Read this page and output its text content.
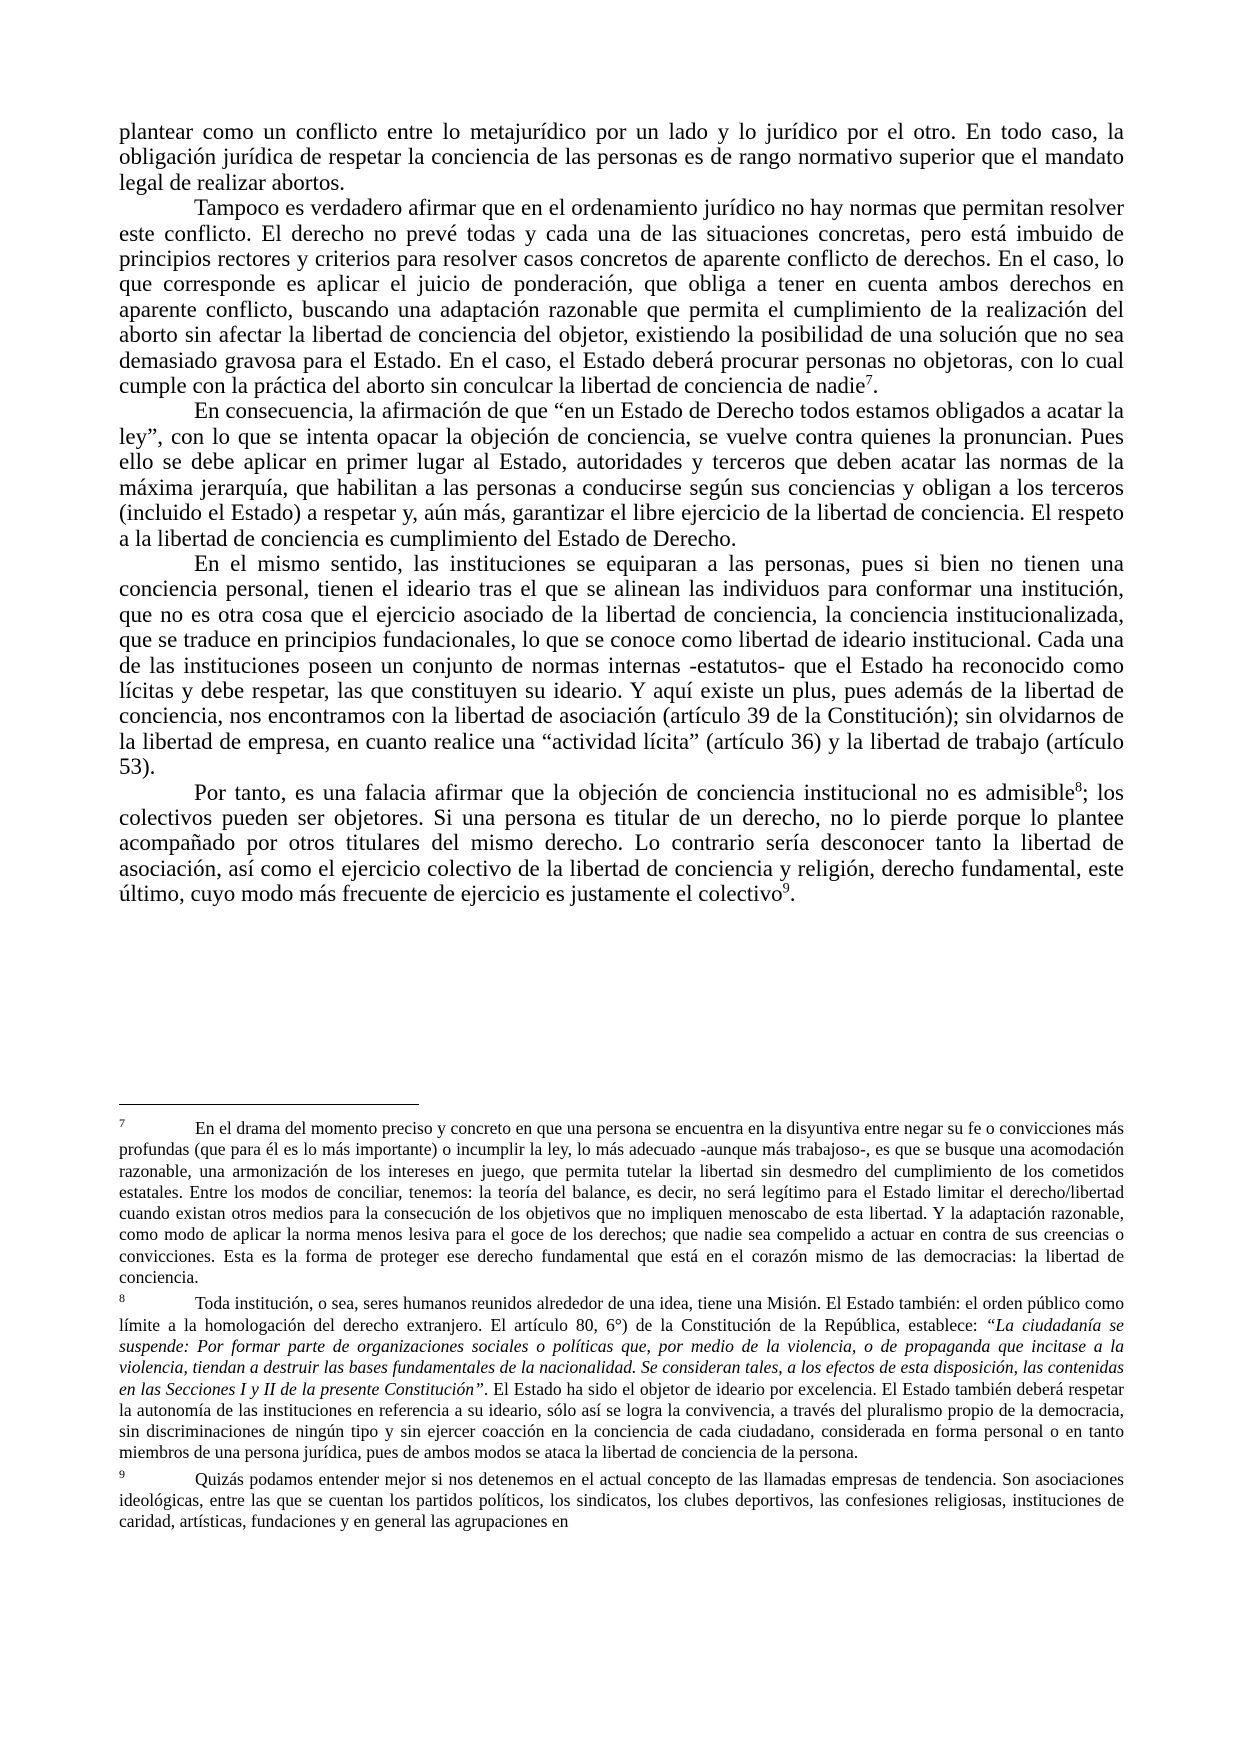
plantear como un conflicto entre lo metajurídico por un lado y lo jurídico por el otro. En todo caso, la obligación jurídica de respetar la conciencia de las personas es de rango normativo superior que el mandato legal de realizar abortos.

Tampoco es verdadero afirmar que en el ordenamiento jurídico no hay normas que permitan resolver este conflicto. El derecho no prevé todas y cada una de las situaciones concretas, pero está imbuido de principios rectores y criterios para resolver casos concretos de aparente conflicto de derechos. En el caso, lo que corresponde es aplicar el juicio de ponderación, que obliga a tener en cuenta ambos derechos en aparente conflicto, buscando una adaptación razonable que permita el cumplimiento de la realización del aborto sin afectar la libertad de conciencia del objetor, existiendo la posibilidad de una solución que no sea demasiado gravosa para el Estado. En el caso, el Estado deberá procurar personas no objetoras, con lo cual cumple con la práctica del aborto sin conculcar la libertad de conciencia de nadie$^7$.

En consecuencia, la afirmación de que “en un Estado de Derecho todos estamos obligados a acatar la ley”, con lo que se intenta opacar la objeción de conciencia, se vuelve contra quienes la pronuncian. Pues ello se debe aplicar en primer lugar al Estado, autoridades y terceros que deben acatar las normas de la máxima jerarquía, que habilitan a las personas a conducirse según sus conciencias y obligan a los terceros (incluido el Estado) a respetar y, aún más, garantizar el libre ejercicio de la libertad de conciencia. El respeto a la libertad de conciencia es cumplimiento del Estado de Derecho.

En el mismo sentido, las instituciones se equiparan a las personas, pues si bien no tienen una conciencia personal, tienen el ideario tras el que se alinean las individuos para conformar una institución, que no es otra cosa que el ejercicio asociado de la libertad de conciencia, la conciencia institucionalizada, que se traduce en principios fundacionales, lo que se conoce como libertad de ideario institucional. Cada una de las instituciones poseen un conjunto de normas internas -estatutos- que el Estado ha reconocido como lícitas y debe respetar, las que constituyen su ideario. Y aquí existe un plus, pues además de la libertad de conciencia, nos encontramos con la libertad de asociación (artículo 39 de la Constitución); sin olvidarnos de la libertad de empresa, en cuanto realice una “actividad lícita” (artículo 36) y la libertad de trabajo (artículo 53).

Por tanto, es una falacia afirmar que la objeción de conciencia institucional no es admisible$^8$; los colectivos pueden ser objetores. Si una persona es titular de un derecho, no lo pierde porque lo plantee acompañado por otros titulares del mismo derecho. Lo contrario sería desconocer tanto la libertad de asociación, así como el ejercicio colectivo de la libertad de conciencia y religión, derecho fundamental, este último, cuyo modo más frecuente de ejercicio es justamente el colectivo$^9$.

7	En el drama del momento preciso y concreto en que una persona se encuentra en la disyuntiva entre negar su fe o convicciones más profundas (que para él es lo más importante) o incumplir la ley, lo más adecuado -aunque más trabajoso-, es que se busque una acomodación razonable, una armonización de los intereses en juego, que permita tutelar la libertad sin desmedro del cumplimiento de los cometidos estatales. Entre los modos de conciliar, tenemos: la teoría del balance, es decir, no será legítimo para el Estado limitar el derecho/libertad cuando existan otros medios para la consecución de los objetivos que no impliquen menoscabo de esta libertad. Y la adaptación razonable, como modo de aplicar la norma menos lesiva para el goce de los derechos; que nadie sea compelido a actuar en contra de sus creencias o convicciones. Esta es la forma de proteger ese derecho fundamental que está en el corazón mismo de las democracias: la libertad de conciencia.

8	Toda institución, o sea, seres humanos reunidos alrededor de una idea, tiene una Misión. El Estado también: el orden público como límite a la homologación del derecho extranjero. El artículo 80, 6°) de la Constitución de la República, establece: “La ciudadanía se suspende: Por formar parte de organizaciones sociales o políticas que, por medio de la violencia, o de propaganda que incitase a la violencia, tiendan a destruir las bases fundamentales de la nacionalidad. Se consideran tales, a los efectos de esta disposición, las contenidas en las Secciones I y II de la presente Constitución”. El Estado ha sido el objetor de ideario por excelencia. El Estado también deberá respetar la autonomía de las instituciones en referencia a su ideario, sólo así se logra la convivencia, a través del pluralismo propio de la democracia, sin discriminaciones de ningún tipo y sin ejercer coacción en la conciencia de cada ciudadano, considerada en forma personal o en tanto miembros de una persona jurídica, pues de ambos modos se ataca la libertad de conciencia de la persona.

9	Quizás podamos entender mejor si nos detenemos en el actual concepto de las llamadas empresas de tendencia. Son asociaciones ideológicas, entre las que se cuentan los partidos políticos, los sindicatos, los clubes deportivos, las confesiones religiosas, instituciones de caridad, artísticas, fundaciones y en general las agrupaciones en
